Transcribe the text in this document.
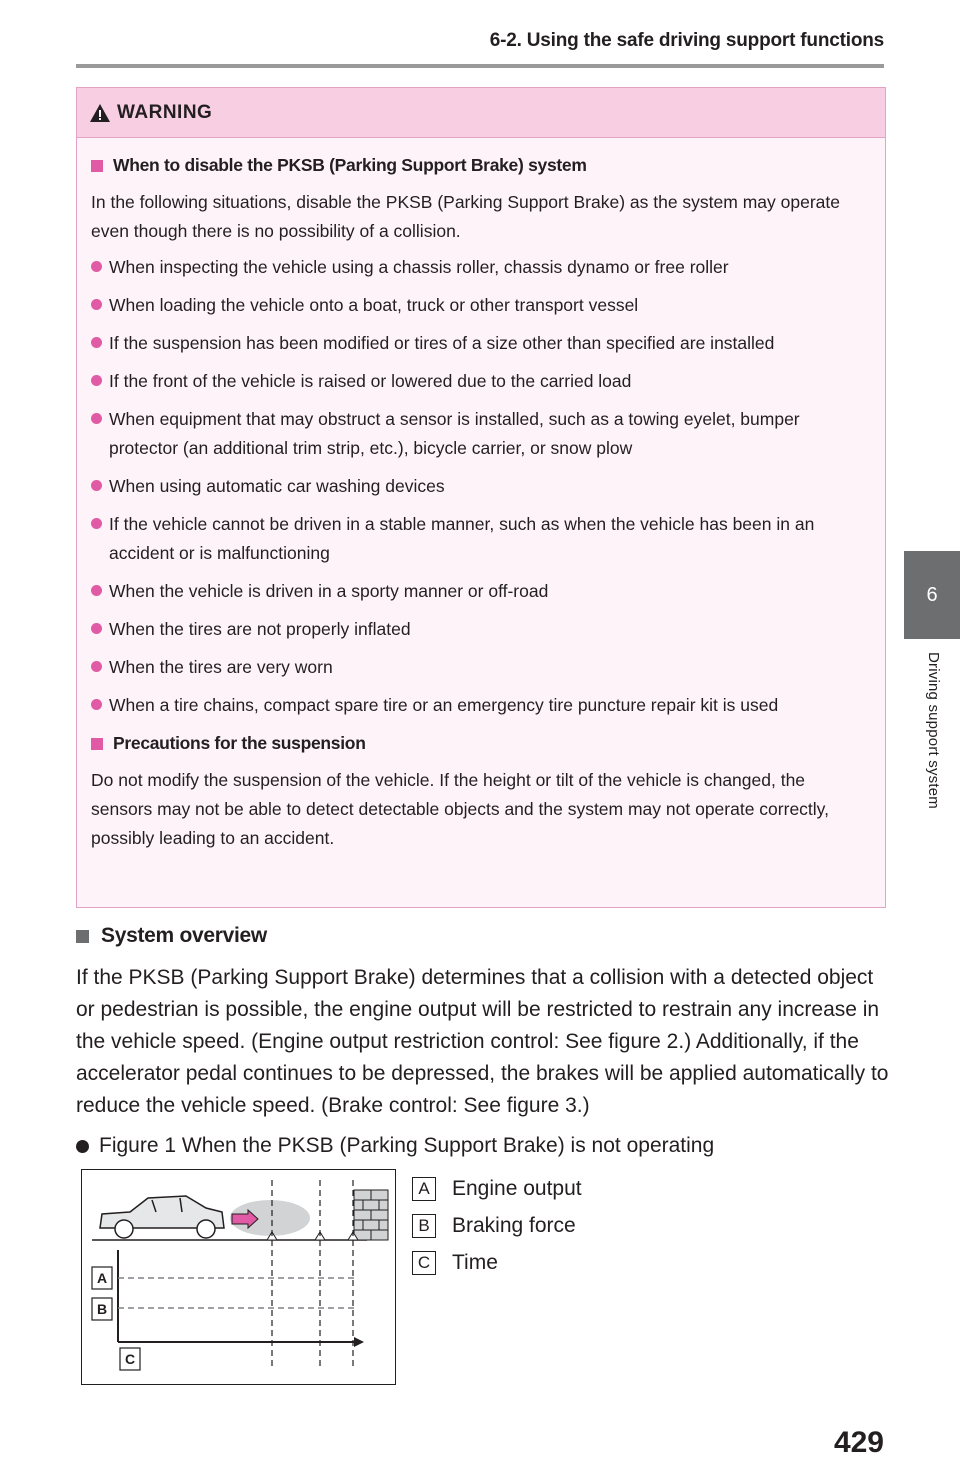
6-2. Using the safe driving support functions
6
Driving support system
WARNING
When to disable the PKSB (Parking Support Brake) system

In the following situations, disable the PKSB (Parking Support Brake) as the system may operate even though there is no possibility of a collision.

When inspecting the vehicle using a chassis roller, chassis dynamo or free roller
When loading the vehicle onto a boat, truck or other transport vessel
If the suspension has been modified or tires of a size other than specified are installed
If the front of the vehicle is raised or lowered due to the carried load
When equipment that may obstruct a sensor is installed, such as a towing eyelet, bumper protector (an additional trim strip, etc.), bicycle carrier, or snow plow
When using automatic car washing devices
If the vehicle cannot be driven in a stable manner, such as when the vehicle has been in an accident or is malfunctioning
When the vehicle is driven in a sporty manner or off-road
When the tires are not properly inflated
When the tires are very worn
When a tire chains, compact spare tire or an emergency tire puncture repair kit is used
Precautions for the suspension

Do not modify the suspension of the vehicle. If the height or tilt of the vehicle is changed, the sensors may not be able to detect detectable objects and the system may not operate correctly, possibly leading to an accident.

System overview

If the PKSB (Parking Support Brake) determines that a collision with a detected object or pedestrian is possible, the engine output will be restricted to restrain any increase in the vehicle speed. (Engine output restriction control: See figure 2.) Additionally, if the accelerator pedal continues to be depressed, the brakes will be applied automatically to reduce the vehicle speed. (Brake control: See figure 3.)

Figure 1 When the PKSB (Parking Support Brake) is not operating
A	Engine output
B	Braking force
C Time
A
B
C
429
